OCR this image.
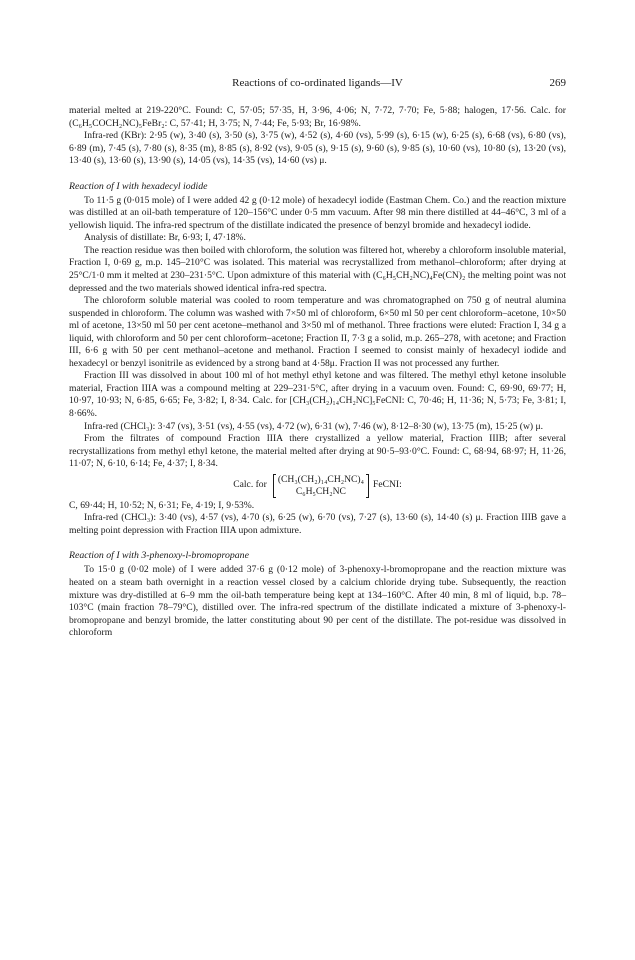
Reactions of co-ordinated ligands—IV	269

material melted at 219-220°C. Found: C, 57·05; 57·35, H, 3·96, 4·06; N, 7·72, 7·70; Fe, 5·88; halogen, 17·56. Calc. for (C₆H₅COCH₂NC)₅FeBr₂: C, 57·41; H, 3·75; N, 7·44; Fe, 5·93; Br, 16·98%.

Infra-red (KBr): 2·95 (w), 3·40 (s), 3·50 (s), 3·75 (w), 4·52 (s), 4·60 (vs), 5·99 (s), 6·15 (w), 6·25 (s), 6·68 (vs), 6·80 (vs), 6·89 (m), 7·45 (s), 7·80 (s), 8·35 (m), 8·85 (s), 8·92 (vs), 9·05 (s), 9·15 (s), 9·60 (s), 9·85 (s), 10·60 (vs), 10·80 (s), 13·20 (vs), 13·40 (s), 13·60 (s), 13·90 (s), 14·05 (vs), 14·35 (vs), 14·60 (vs) μ.

Reaction of I with hexadecyl iodide

To 11·5 g (0·015 mole) of I were added 42 g (0·12 mole) of hexadecyl iodide (Eastman Chem. Co.) and the reaction mixture was distilled at an oil-bath temperature of 120–156°C under 0·5 mm vacuum. After 98 min there distilled at 44–46°C, 3 ml of a yellowish liquid. The infra-red spectrum of the distillate indicated the presence of benzyl bromide and hexadecyl iodide.

Analysis of distillate: Br, 6·93; I, 47·18%.

The reaction residue was then boiled with chloroform, the solution was filtered hot, whereby a chloroform insoluble material, Fraction I, 0·69 g, m.p. 145–210°C was isolated. This material was recrystallized from methanol–chloroform; after drying at 25°C/1·0 mm it melted at 230–231·5°C. Upon admixture of this material with (C₆H₅CH₂NC)₄Fe(CN)₂ the melting point was not depressed and the two materials showed identical infra-red spectra.

The chloroform soluble material was cooled to room temperature and was chromatographed on 750 g of neutral alumina suspended in chloroform. The column was washed with 7×50 ml of chloroform, 6×50 ml 50 per cent chloroform–acetone, 10×50 ml of acetone, 13×50 ml 50 per cent acetone–methanol and 3×50 ml of methanol. Three fractions were eluted: Fraction I, 34 g a liquid, with chloroform and 50 per cent chloroform–acetone; Fraction II, 7·3 g a solid, m.p. 265–278, with acetone; and Fraction III, 6·6 g with 50 per cent methanol–acetone and methanol. Fraction I seemed to consist mainly of hexadecyl iodide and hexadecyl or benzyl isonitrile as evidenced by a strong band at 4·58μ. Fraction II was not processed any further.

Fraction III was dissolved in about 100 ml of hot methyl ethyl ketone and was filtered. The methyl ethyl ketone insoluble material, Fraction IIIA was a compound melting at 229–231·5°C, after drying in a vacuum oven. Found: C, 69·90, 69·77; H, 10·97, 10·93; N, 6·85, 6·65; Fe, 3·82; I, 8·34. Calc. for [CH₃(CH₂)₁₄CH₂NC]₅FeCNI: C, 70·46; H, 11·36; N, 5·73; Fe, 3·81; I, 8·66%.

Infra-red (CHCl₃): 3·47 (vs), 3·51 (vs), 4·55 (vs), 4·72 (w), 6·31 (w), 7·46 (w), 8·12–8·30 (w), 13·75 (m), 15·25 (w) μ.

From the filtrates of compound Fraction IIIA there crystallized a yellow material, Fraction IIIB; after several recrystallizations from methyl ethyl ketone, the material melted after drying at 90·5–93·0°C. Found: C, 68·94, 68·97; H, 11·26, 11·07; N, 6·10, 6·14; Fe, 4·37; I, 8·34.

Calc. for
(CH₃(CH₂)₁₄CH₂NC)₄
C₆H₅CH₂NC
FeCNI:

C, 69·44; H, 10·52; N, 6·31; Fe, 4·19; I, 9·53%.

Infra-red (CHCl₃): 3·40 (vs), 4·57 (vs), 4·70 (s), 6·25 (w), 6·70 (vs), 7·27 (s), 13·60 (s), 14·40 (s) μ. Fraction IIIB gave a melting point depression with Fraction IIIA upon admixture.

Reaction of I with 3-phenoxy-l-bromopropane

To 15·0 g (0·02 mole) of I were added 37·6 g (0·12 mole) of 3-phenoxy-l-bromopropane and the reaction mixture was heated on a steam bath overnight in a reaction vessel closed by a calcium chloride drying tube. Subsequently, the reaction mixture was dry-distilled at 6–9 mm the oil-bath temperature being kept at 134–160°C. After 40 min, 8 ml of liquid, b.p. 78–103°C (main fraction 78–79°C), distilled over. The infra-red spectrum of the distillate indicated a mixture of 3-phenoxy-l-bromopropane and benzyl bromide, the latter constituting about 90 per cent of the distillate. The pot-residue was dissolved in chloroform
